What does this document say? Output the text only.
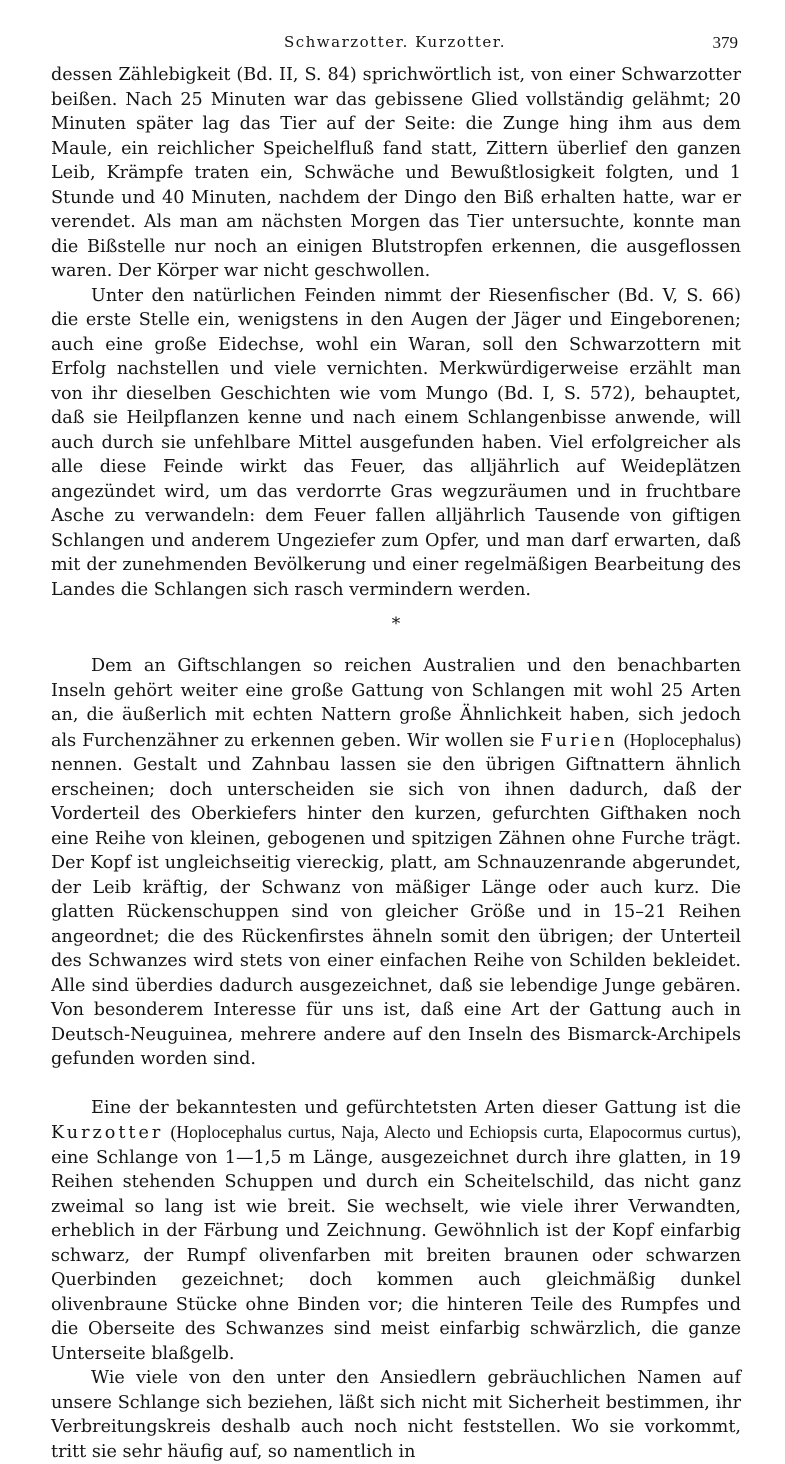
Schwarzotter. Kurzotter.	379

dessen Zählebigkeit (Bd. II, S. 84) sprichwörtlich ist, von einer Schwarzotter beißen. Nach 25 Minuten war das gebissene Glied vollständig gelähmt; 20 Minuten später lag das Tier auf der Seite: die Zunge hing ihm aus dem Maule, ein reichlicher Speichelfluß fand statt, Zittern überlief den ganzen Leib, Krämpfe traten ein, Schwäche und Bewußtlosigkeit folgten, und 1 Stunde und 40 Minuten, nachdem der Dingo den Biß erhalten hatte, war er verendet. Als man am nächsten Morgen das Tier untersuchte, konnte man die Bißstelle nur noch an einigen Blutstropfen erkennen, die ausgeflossen waren. Der Körper war nicht geschwollen.

Unter den natürlichen Feinden nimmt der Riesenfischer (Bd. V, S. 66) die erste Stelle ein, wenigstens in den Augen der Jäger und Eingeborenen; auch eine große Eidechse, wohl ein Waran, soll den Schwarzottern mit Erfolg nachstellen und viele vernichten. Merkwürdigerweise erzählt man von ihr dieselben Geschichten wie vom Mungo (Bd. I, S. 572), behauptet, daß sie Heilpflanzen kenne und nach einem Schlangenbisse anwende, will auch durch sie unfehlbare Mittel ausgefunden haben. Viel erfolgreicher als alle diese Feinde wirkt das Feuer, das alljährlich auf Weideplätzen angezündet wird, um das verdorrte Gras wegzuräumen und in fruchtbare Asche zu verwandeln: dem Feuer fallen alljährlich Tausende von giftigen Schlangen und anderem Ungeziefer zum Opfer, und man darf erwarten, daß mit der zunehmenden Bevölkerung und einer regelmäßigen Bearbeitung des Landes die Schlangen sich rasch vermindern werden.

*

Dem an Giftschlangen so reichen Australien und den benachbarten Inseln gehört weiter eine große Gattung von Schlangen mit wohl 25 Arten an, die äußerlich mit echten Nattern große Ähnlichkeit haben, sich jedoch als Furchenzähner zu erkennen geben. Wir wollen sie Furien (Hoplocephalus) nennen. Gestalt und Zahnbau lassen sie den übrigen Giftnattern ähnlich erscheinen; doch unterscheiden sie sich von ihnen dadurch, daß der Vorderteil des Oberkiefers hinter den kurzen, gefurchten Gifthaken noch eine Reihe von kleinen, gebogenen und spitzigen Zähnen ohne Furche trägt. Der Kopf ist ungleichseitig viereckig, platt, am Schnauzenrande abgerundet, der Leib kräftig, der Schwanz von mäßiger Länge oder auch kurz. Die glatten Rückenschuppen sind von gleicher Größe und in 15–21 Reihen angeordnet; die des Rückenfirstes ähneln somit den übrigen; der Unterteil des Schwanzes wird stets von einer einfachen Reihe von Schilden bekleidet. Alle sind überdies dadurch ausgezeichnet, daß sie lebendige Junge gebären. Von besonderem Interesse für uns ist, daß eine Art der Gattung auch in Deutsch-Neuguinea, mehrere andere auf den Inseln des Bismarck-Archipels gefunden worden sind.

Eine der bekanntesten und gefürchtetsten Arten dieser Gattung ist die Kurzotter (Hoplocephalus curtus, Naja, Alecto und Echiopsis curta, Elapocormus curtus), eine Schlange von 1—1,5 m Länge, ausgezeichnet durch ihre glatten, in 19 Reihen stehenden Schuppen und durch ein Scheitelschild, das nicht ganz zweimal so lang ist wie breit. Sie wechselt, wie viele ihrer Verwandten, erheblich in der Färbung und Zeichnung. Gewöhnlich ist der Kopf einfarbig schwarz, der Rumpf olivenfarben mit breiten braunen oder schwarzen Querbinden gezeichnet; doch kommen auch gleichmäßig dunkel olivenbraune Stücke ohne Binden vor; die hinteren Teile des Rumpfes und die Oberseite des Schwanzes sind meist einfarbig schwärzlich, die ganze Unterseite blaßgelb.

Wie viele von den unter den Ansiedlern gebräuchlichen Namen auf unsere Schlange sich beziehen, läßt sich nicht mit Sicherheit bestimmen, ihr Verbreitungskreis deshalb auch noch nicht feststellen. Wo sie vorkommt, tritt sie sehr häufig auf, so namentlich in
